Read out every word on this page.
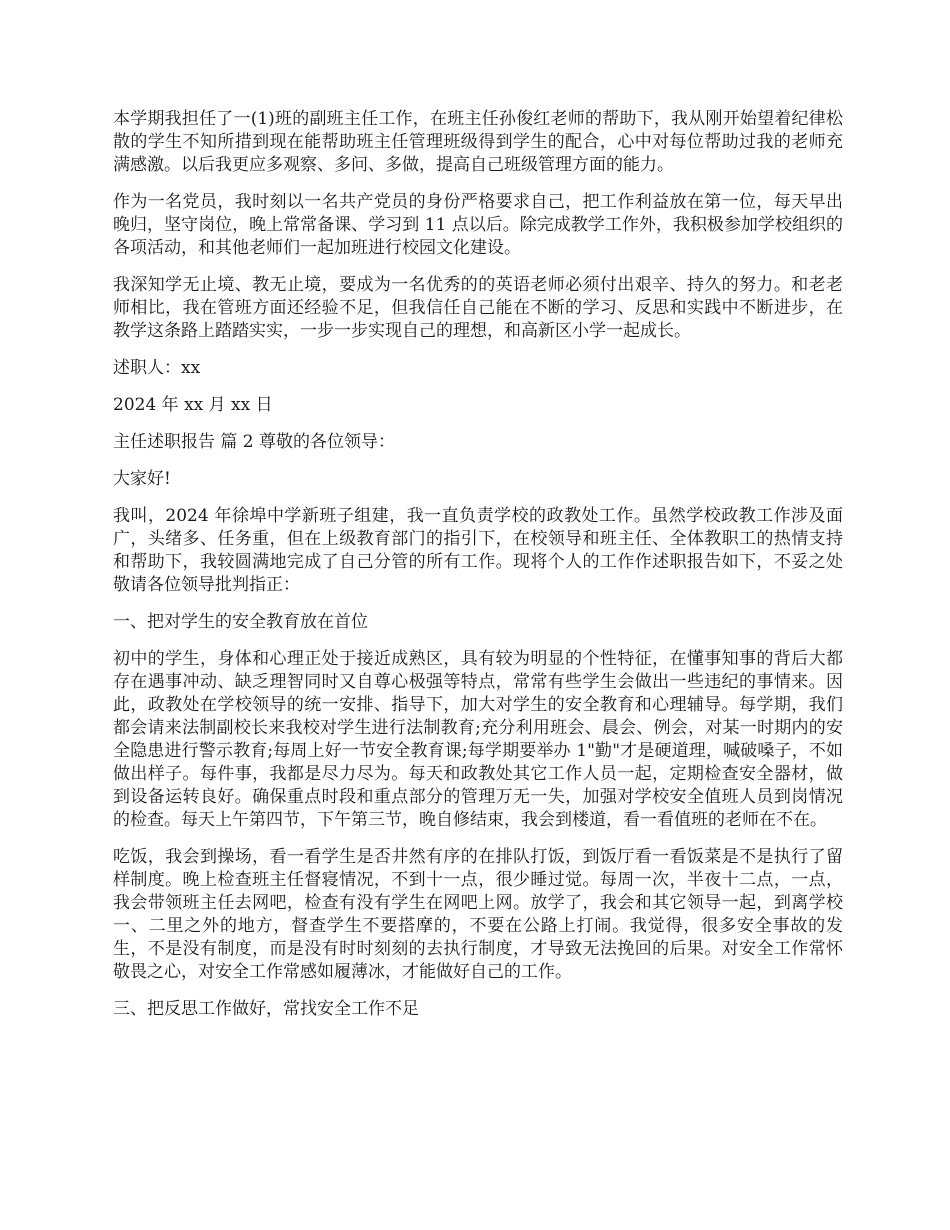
本学期我担任了一(1)班的副班主任工作，在班主任孙俊红老师的帮助下，我从刚开始望着纪律松散的学生不知所措到现在能帮助班主任管理班级得到学生的配合，心中对每位帮助过我的老师充满感激。以后我更应多观察、多问、多做，提高自己班级管理方面的能力。

作为一名党员，我时刻以一名共产党员的身份严格要求自己，把工作利益放在第一位，每天早出晚归，坚守岗位，晚上常常备课、学习到 11 点以后。除完成教学工作外，我积极参加学校组织的各项活动，和其他老师们一起加班进行校园文化建设。

我深知学无止境、教无止境，要成为一名优秀的的英语老师必须付出艰辛、持久的努力。和老老师相比，我在管班方面还经验不足，但我信任自己能在不断的学习、反思和实践中不断进步，在教学这条路上踏踏实实，一步一步实现自己的理想，和高新区小学一起成长。

述职人：xx

2024 年 xx 月 xx 日

主任述职报告 篇 2 尊敬的各位领导：

大家好!

我叫，2024 年徐埠中学新班子组建，我一直负责学校的政教处工作。虽然学校政教工作涉及面广，头绪多、任务重，但在上级教育部门的指引下，在校领导和班主任、全体教职工的热情支持和帮助下，我较圆满地完成了自己分管的所有工作。现将个人的工作作述职报告如下，不妥之处敬请各位领导批判指正：

一、把对学生的安全教育放在首位

初中的学生，身体和心理正处于接近成熟区，具有较为明显的个性特征，在懂事知事的背后大都存在遇事冲动、缺乏理智同时又自尊心极强等特点，常常有些学生会做出一些违纪的事情来。因此，政教处在学校领导的统一安排、指导下，加大对学生的安全教育和心理辅导。每学期，我们都会请来法制副校长来我校对学生进行法制教育;充分利用班会、晨会、例会，对某一时期内的安全隐患进行警示教育;每周上好一节安全教育课;每学期要举办 1"勤"才是硬道理，喊破嗓子，不如做出样子。每件事，我都是尽力尽为。每天和政教处其它工作人员一起，定期检查安全器材，做到设备运转良好。确保重点时段和重点部分的管理万无一失，加强对学校安全值班人员到岗情况的检查。每天上午第四节，下午第三节，晚自修结束，我会到楼道，看一看值班的老师在不在。

吃饭，我会到操场，看一看学生是否井然有序的在排队打饭，到饭厅看一看饭菜是不是执行了留样制度。晚上检查班主任督寝情况，不到十一点，很少睡过觉。每周一次，半夜十二点，一点，我会带领班主任去网吧，检查有没有学生在网吧上网。放学了，我会和其它领导一起，到离学校一、二里之外的地方，督查学生不要搭摩的，不要在公路上打闹。我觉得，很多安全事故的发生，不是没有制度，而是没有时时刻刻的去执行制度，才导致无法挽回的后果。对安全工作常怀敬畏之心，对安全工作常感如履薄冰，才能做好自己的工作。

三、把反思工作做好，常找安全工作不足
